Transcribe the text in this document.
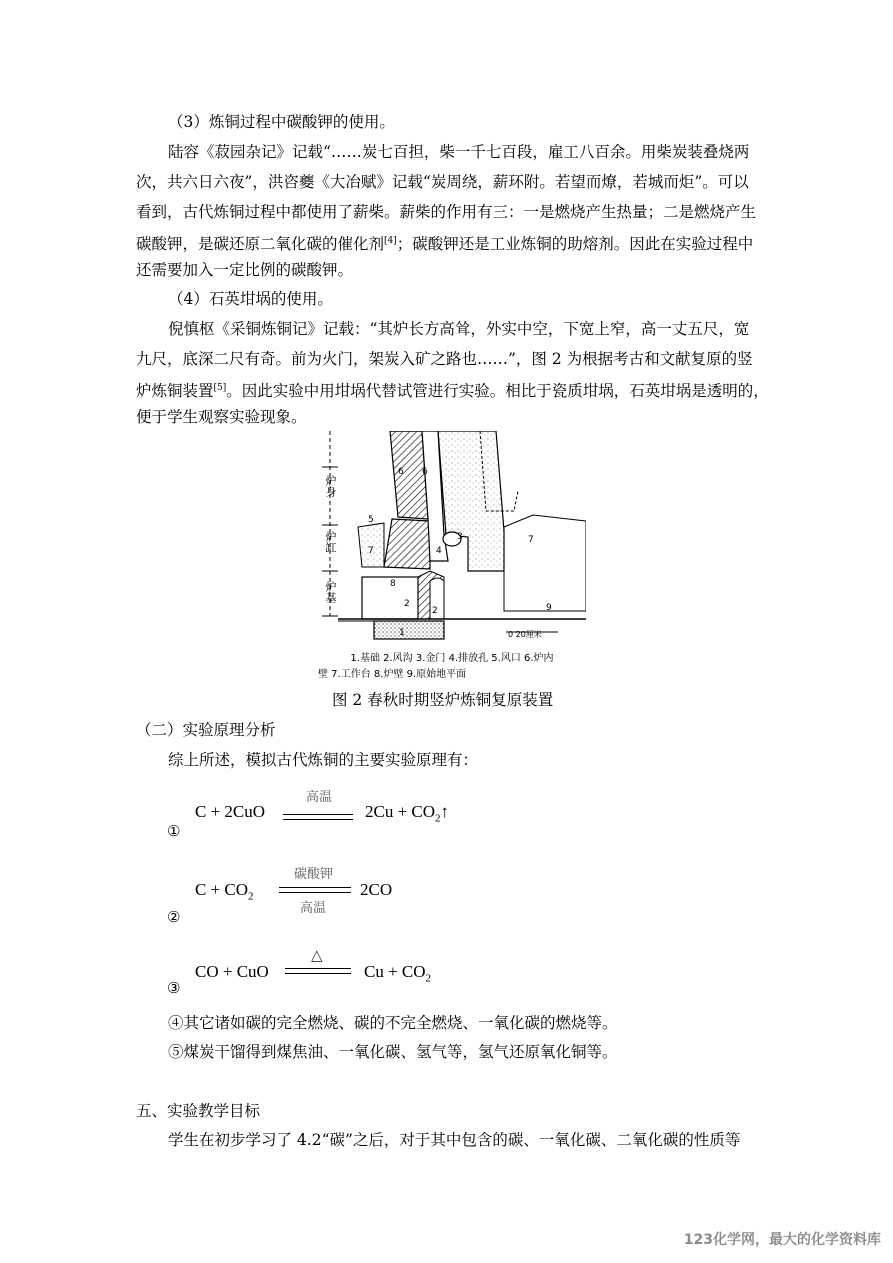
（3）炼铜过程中碳酸钾的使用。
陆容《菽园杂记》记载“……炭七百担，柴一千七百段，雇工八百余。用柴炭装叠烧两
次，共六日六夜”，洪咨夔《大冶赋》记载“炭周绕，薪环附。若望而燎，若城而炬”。可以
看到，古代炼铜过程中都使用了薪柴。薪柴的作用有三：一是燃烧产生热量；二是燃烧产生
碳酸钾，是碳还原二氧化碳的催化剂[4]；碳酸钾还是工业炼铜的助熔剂。因此在实验过程中
还需要加入一定比例的碳酸钾。
（4）石英坩埚的使用。
倪慎枢《采铜炼铜记》记载：“其炉长方高耸，外实中空，下宽上窄，高一丈五尺，宽
九尺，底深二尺有奇。前为火门，架炭入矿之路也……”，图 2 为根据考古和文献复原的竖
炉炼铜装置[5]。因此实验中用坩埚代替试管进行实验。相比于瓷质坩埚，石英坩埚是透明的，
便于学生观察实验现象。
炉身
炉缸
炉基
1
2
2
3
4
5
6 6
7
7
8
9
0 20厘米
1.基础 2.风沟 3.金门 4.排放孔 5.风口 6.炉内
壁 7.工作台 8.炉壁 9.原始地平面
图 2 春秋时期竖炉炼铜复原装置
（二）实验原理分析
综上所述，模拟古代炼铜的主要实验原理有：
C + 2CuO
高温
$2Cu + CO_2↑$
①
$C + CO_2$
碳酸钾
高温
2CO
②
CO + CuO
△
$Cu + CO_2$
③
④其它诸如碳的完全燃烧、碳的不完全燃烧、一氧化碳的燃烧等。
⑤煤炭干馏得到煤焦油、一氧化碳、氢气等，氢气还原氧化铜等。
五、实验教学目标
学生在初步学习了 4.2“碳”之后，对于其中包含的碳、一氧化碳、二氧化碳的性质等
123化学网，最大的化学资料库
